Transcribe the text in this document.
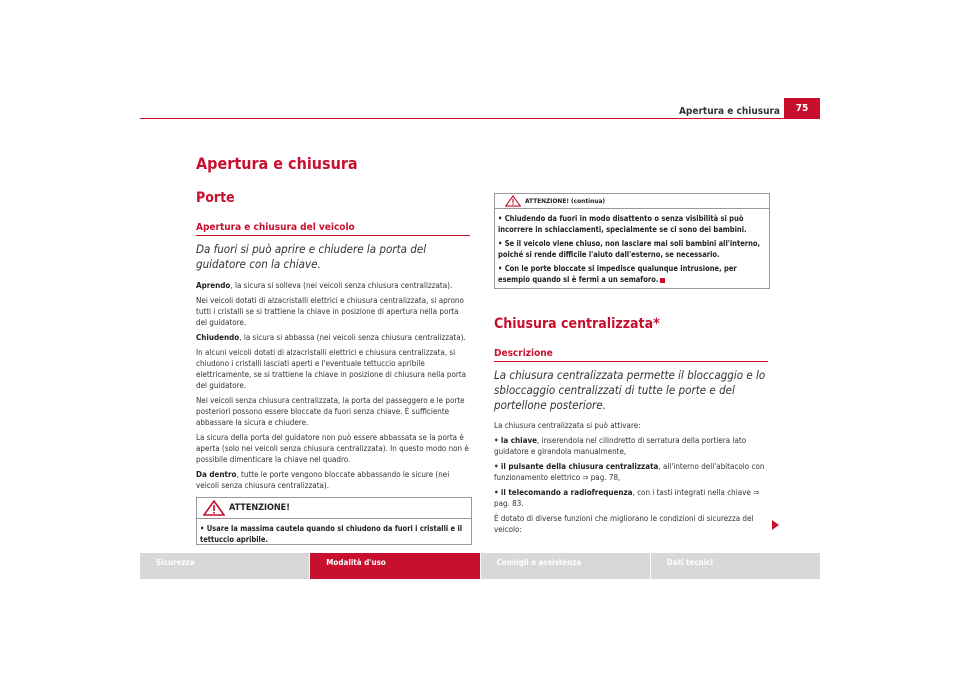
Apertura e chiusura	75
Apertura e chiusura
Porte
Apertura e chiusura del veicolo
Da fuori si può aprire e chiudere la porta del guidatore con la chiave.

Aprendo, la sicura si solleva (nei veicoli senza chiusura centralizzata).

Nei veicoli dotati di alzacristalli elettrici e chiusura centralizzata, si aprono tutti i cristalli se si trattiene la chiave in posizione di apertura nella porta del guidatore.

Chiudendo, la sicura si abbassa (nei veicoli senza chiusura centralizzata).

In alcuni veicoli dotati di alzacristalli elettrici e chiusura centralizzata, si chiudono i cristalli lasciati aperti e l'eventuale tettuccio apribile elettricamente, se si trattiene la chiave in posizione di chiusura nella porta del guidatore.

Nei veicoli senza chiusura centralizzata, la porta del passeggero e le porte posteriori possono essere bloccate da fuori senza chiave. È sufficiente abbassare la sicura e chiudere.

La sicura della porta del guidatore non può essere abbassata se la porta è aperta (solo nei veicoli senza chiusura centralizzata). In questo modo non è possibile dimenticare la chiave nel quadro.

Da dentro, tutte le porte vengono bloccate abbassando le sicure (nei veicoli senza chiusura centralizzata).

ATTENZIONE!

• Usare la massima cautela quando si chiudono da fuori i cristalli e il tettuccio apribile.

ATTENZIONE! (continua)

• Chiudendo da fuori in modo disattento o senza visibilità si può incorrere in schiacciamenti, specialmente se ci sono dei bambini.

• Se il veicolo viene chiuso, non lasciare mai soli bambini all'interno, poiché si rende difficile l'aiuto dall'esterno, se necessario.

• Con le porte bloccate si impedisce qualunque intrusione, per esempio quando si è fermi a un semaforo.

Chiusura centralizzata*
Descrizione
La chiusura centralizzata permette il bloccaggio e lo sbloccaggio centralizzati di tutte le porte e del portellone posteriore.

La chiusura centralizzata si può attivare:

• la chiave, inserendola nel cilindretto di serratura della portiera lato guidatore e girandola manualmente,

• il pulsante della chiusura centralizzata, all'interno dell'abitacolo con funzionamento elettrico ⇒ pag. 78,

• il telecomando a radiofrequenza, con i tasti integrati nella chiave ⇒ pag. 83.

È dotato di diverse funzioni che migliorano le condizioni di sicurezza del veicolo:

Sicurezza	Modalità d'uso	Consigli e assistenza	Dati tecnici
